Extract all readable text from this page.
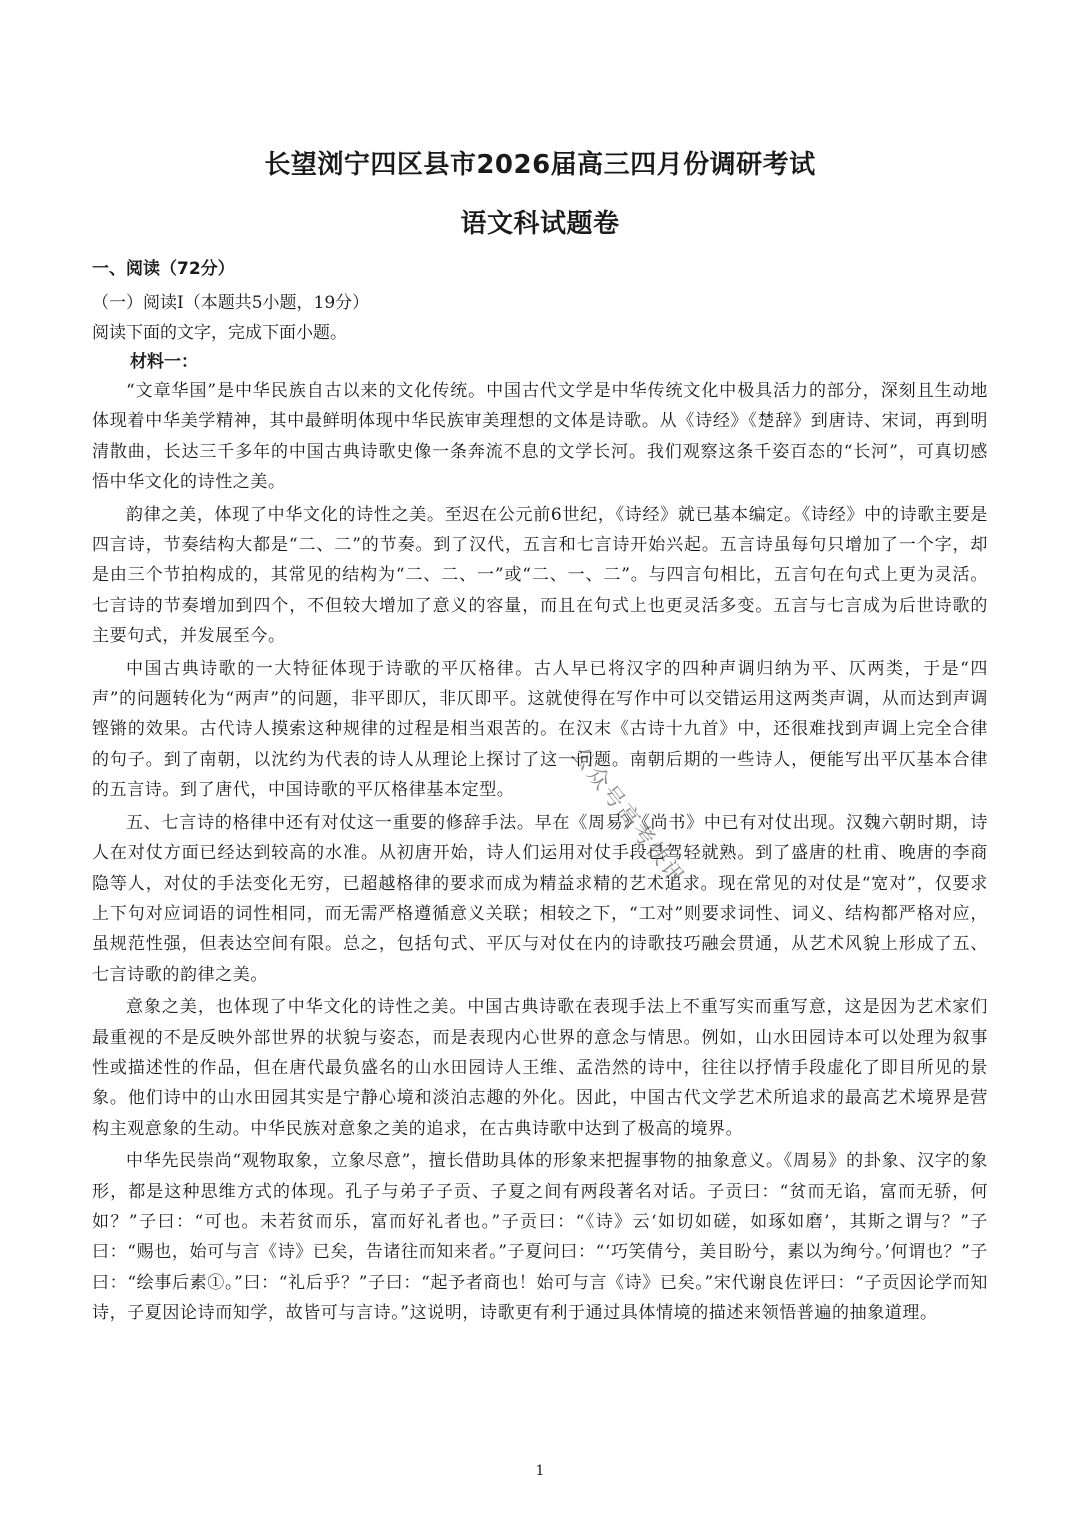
长望浏宁四区县市2026届高三四月份调研考试
语文科试题卷
一、阅读（72分）
（一）阅读Ⅰ（本题共5小题，19分）
阅读下面的文字，完成下面小题。
材料一：

“文章华国”是中华民族自古以来的文化传统。中国古代文学是中华传统文化中极具活力的部分，深刻且生动地体现着中华美学精神，其中最鲜明体现中华民族审美理想的文体是诗歌。从《诗经》《楚辞》到唐诗、宋词，再到明清散曲，长达三千多年的中国古典诗歌史像一条奔流不息的文学长河。我们观察这条千姿百态的“长河”，可真切感悟中华文化的诗性之美。

韵律之美，体现了中华文化的诗性之美。至迟在公元前6世纪，《诗经》就已基本编定。《诗经》中的诗歌主要是四言诗，节奏结构大都是“二、二”的节奏。到了汉代，五言和七言诗开始兴起。五言诗虽每句只增加了一个字，却是由三个节拍构成的，其常见的结构为“二、二、一”或“二、一、二”。与四言句相比，五言句在句式上更为灵活。七言诗的节奏增加到四个，不但较大增加了意义的容量，而且在句式上也更灵活多变。五言与七言成为后世诗歌的主要句式，并发展至今。

中国古典诗歌的一大特征体现于诗歌的平仄格律。古人早已将汉字的四种声调归纳为平、仄两类，于是“四声”的问题转化为“两声”的问题，非平即仄，非仄即平。这就使得在写作中可以交错运用这两类声调，从而达到声调铿锵的效果。古代诗人摸索这种规律的过程是相当艰苦的。在汉末《古诗十九首》中，还很难找到声调上完全合律的句子。到了南朝，以沈约为代表的诗人从理论上探讨了这一问题。南朝后期的一些诗人，便能写出平仄基本合律的五言诗。到了唐代，中国诗歌的平仄格律基本定型。

五、七言诗的格律中还有对仗这一重要的修辞手法。早在《周易》《尚书》中已有对仗出现。汉魏六朝时期，诗人在对仗方面已经达到较高的水准。从初唐开始，诗人们运用对仗手段已驾轻就熟。到了盛唐的杜甫、晚唐的李商隐等人，对仗的手法变化无穷，已超越格律的要求而成为精益求精的艺术追求。现在常见的对仗是“宽对”，仅要求上下句对应词语的词性相同，而无需严格遵循意义关联；相较之下，“工对”则要求词性、词义、结构都严格对应，虽规范性强，但表达空间有限。总之，包括句式、平仄与对仗在内的诗歌技巧融会贯通，从艺术风貌上形成了五、七言诗歌的韵律之美。

意象之美，也体现了中华文化的诗性之美。中国古典诗歌在表现手法上不重写实而重写意，这是因为艺术家们最重视的不是反映外部世界的状貌与姿态，而是表现内心世界的意念与情思。例如，山水田园诗本可以处理为叙事性或描述性的作品，但在唐代最负盛名的山水田园诗人王维、孟浩然的诗中，往往以抒情手段虚化了即目所见的景象。他们诗中的山水田园其实是宁静心境和淡泊志趣的外化。因此，中国古代文学艺术所追求的最高艺术境界是营构主观意象的生动。中华民族对意象之美的追求，在古典诗歌中达到了极高的境界。

中华先民崇尚“观物取象，立象尽意”，擅长借助具体的形象来把握事物的抽象意义。《周易》的卦象、汉字的象形，都是这种思维方式的体现。孔子与弟子子贡、子夏之间有两段著名对话。子贡曰：“贫而无谄，富而无骄，何如？”子曰：“可也。未若贫而乐，富而好礼者也。”子贡曰：“《诗》云‘如切如磋，如琢如磨’，其斯之谓与？”子曰：“赐也，始可与言《诗》已矣，告诸往而知来者。”子夏问曰：“‘巧笑倩兮，美目盼兮，素以为绚兮。’何谓也？”子曰：“绘事后素①。”曰：“礼后乎？”子曰：“起予者商也！始可与言《诗》已矣。”宋代谢良佐评曰：“子贡因论学而知诗，子夏因论诗而知学，故皆可与言诗。”这说明，诗歌更有利于通过具体情境的描述来领悟普遍的抽象道理。

公众号高考快讯
1
